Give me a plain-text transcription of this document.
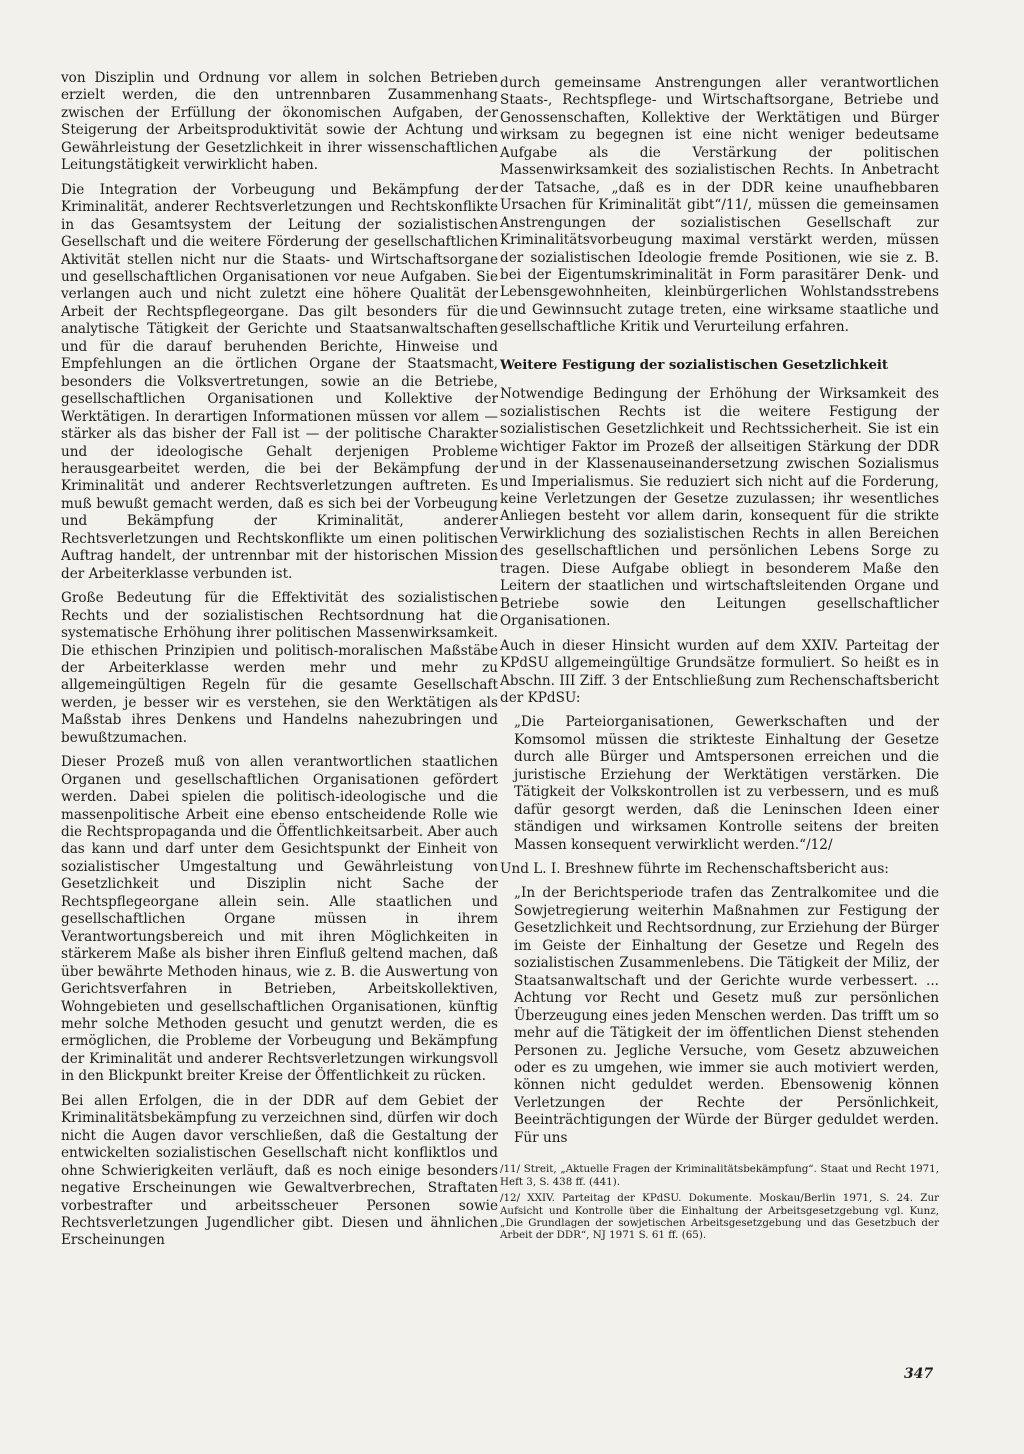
von Disziplin und Ordnung vor allem in solchen Betrieben erzielt werden, die den untrennbaren Zusammenhang zwischen der Erfüllung der ökonomischen Aufgaben, der Steigerung der Arbeitsproduktivität sowie der Achtung und Gewährleistung der Gesetzlichkeit in ihrer wissenschaftlichen Leitungstätigkeit verwirklicht haben.

Die Integration der Vorbeugung und Bekämpfung der Kriminalität, anderer Rechtsverletzungen und Rechtskonflikte in das Gesamtsystem der Leitung der sozialistischen Gesellschaft und die weitere Förderung der gesellschaftlichen Aktivität stellen nicht nur die Staats- und Wirtschaftsorgane und gesellschaftlichen Organisationen vor neue Aufgaben. Sie verlangen auch und nicht zuletzt eine höhere Qualität der Arbeit der Rechtspflegeorgane. Das gilt besonders für die analytische Tätigkeit der Gerichte und Staatsanwaltschaften und für die darauf beruhenden Berichte, Hinweise und Empfehlungen an die örtlichen Organe der Staatsmacht, besonders die Volksvertretungen, sowie an die Betriebe, gesellschaftlichen Organisationen und Kollektive der Werktätigen. In derartigen Informationen müssen vor allem — stärker als das bisher der Fall ist — der politische Charakter und der ideologische Gehalt derjenigen Probleme herausgearbeitet werden, die bei der Bekämpfung der Kriminalität und anderer Rechtsverletzungen auftreten. Es muß bewußt gemacht werden, daß es sich bei der Vorbeugung und Bekämpfung der Kriminalität, anderer Rechtsverletzungen und Rechtskonflikte um einen politischen Auftrag handelt, der untrennbar mit der historischen Mission der Arbeiterklasse verbunden ist.

Große Bedeutung für die Effektivität des sozialistischen Rechts und der sozialistischen Rechtsordnung hat die systematische Erhöhung ihrer politischen Massenwirksamkeit. Die ethischen Prinzipien und politisch-moralischen Maßstäbe der Arbeiterklasse werden mehr und mehr zu allgemeingültigen Regeln für die gesamte Gesellschaft werden, je besser wir es verstehen, sie den Werktätigen als Maßstab ihres Denkens und Handelns nahezubringen und bewußtzumachen.

Dieser Prozeß muß von allen verantwortlichen staatlichen Organen und gesellschaftlichen Organisationen gefördert werden. Dabei spielen die politisch-ideologische und die massenpolitische Arbeit eine ebenso entscheidende Rolle wie die Rechtspropaganda und die Öffentlichkeitsarbeit. Aber auch das kann und darf unter dem Gesichtspunkt der Einheit von sozialistischer Umgestaltung und Gewährleistung von Gesetzlichkeit und Disziplin nicht Sache der Rechtspflegeorgane allein sein. Alle staatlichen und gesellschaftlichen Organe müssen in ihrem Verantwortungsbereich und mit ihren Möglichkeiten in stärkerem Maße als bisher ihren Einfluß geltend machen, daß über bewährte Methoden hinaus, wie z. B. die Auswertung von Gerichtsverfahren in Betrieben, Arbeitskollektiven, Wohngebieten und gesellschaftlichen Organisationen, künftig mehr solche Methoden gesucht und genutzt werden, die es ermöglichen, die Probleme der Vorbeugung und Bekämpfung der Kriminalität und anderer Rechtsverletzungen wirkungsvoll in den Blickpunkt breiter Kreise der Öffentlichkeit zu rücken.

Bei allen Erfolgen, die in der DDR auf dem Gebiet der Kriminalitätsbekämpfung zu verzeichnen sind, dürfen wir doch nicht die Augen davor verschließen, daß die Gestaltung der entwickelten sozialistischen Gesellschaft nicht konfliktlos und ohne Schwierigkeiten verläuft, daß es noch einige besonders negative Erscheinungen wie Gewaltverbrechen, Straftaten vorbestrafter und arbeitsscheuer Personen sowie Rechtsverletzungen Jugendlicher gibt. Diesen und ähnlichen Erscheinungen

durch gemeinsame Anstrengungen aller verantwortlichen Staats-, Rechtspflege- und Wirtschaftsorgane, Betriebe und Genossenschaften, Kollektive der Werktätigen und Bürger wirksam zu begegnen ist eine nicht weniger bedeutsame Aufgabe als die Verstärkung der politischen Massenwirksamkeit des sozialistischen Rechts. In Anbetracht der Tatsache, „daß es in der DDR keine unaufhebbaren Ursachen für Kriminalität gibt“/11/, müssen die gemeinsamen Anstrengungen der sozialistischen Gesellschaft zur Kriminalitätsvorbeugung maximal verstärkt werden, müssen der sozialistischen Ideologie fremde Positionen, wie sie z. B. bei der Eigentumskriminalität in Form parasitärer Denk- und Lebensgewohnheiten, kleinbürgerlichen Wohlstandsstrebens und Gewinnsucht zutage treten, eine wirksame staatliche und gesellschaftliche Kritik und Verurteilung erfahren.

Weitere Festigung der sozialistischen Gesetzlichkeit

Notwendige Bedingung der Erhöhung der Wirksamkeit des sozialistischen Rechts ist die weitere Festigung der sozialistischen Gesetzlichkeit und Rechtssicherheit. Sie ist ein wichtiger Faktor im Prozeß der allseitigen Stärkung der DDR und in der Klassenauseinandersetzung zwischen Sozialismus und Imperialismus. Sie reduziert sich nicht auf die Forderung, keine Verletzungen der Gesetze zuzulassen; ihr wesentliches Anliegen besteht vor allem darin, konsequent für die strikte Verwirklichung des sozialistischen Rechts in allen Bereichen des gesellschaftlichen und persönlichen Lebens Sorge zu tragen. Diese Aufgabe obliegt in besonderem Maße den Leitern der staatlichen und wirtschaftsleitenden Organe und Betriebe sowie den Leitungen gesellschaftlicher Organisationen.

Auch in dieser Hinsicht wurden auf dem XXIV. Parteitag der KPdSU allgemeingültige Grundsätze formuliert. So heißt es in Abschn. III Ziff. 3 der Entschließung zum Rechenschaftsbericht der KPdSU:

„Die Parteiorganisationen, Gewerkschaften und der Komsomol müssen die strikteste Einhaltung der Gesetze durch alle Bürger und Amtspersonen erreichen und die juristische Erziehung der Werktätigen verstärken. Die Tätigkeit der Volkskontrollen ist zu verbessern, und es muß dafür gesorgt werden, daß die Leninschen Ideen einer ständigen und wirksamen Kontrolle seitens der breiten Massen konsequent verwirklicht werden.“/12/

Und L. I. Breshnew führte im Rechenschaftsbericht aus:

„In der Berichtsperiode trafen das Zentralkomitee und die Sowjetregierung weiterhin Maßnahmen zur Festigung der Gesetzlichkeit und Rechtsordnung, zur Erziehung der Bürger im Geiste der Einhaltung der Gesetze und Regeln des sozialistischen Zusammenlebens. Die Tätigkeit der Miliz, der Staatsanwaltschaft und der Gerichte wurde verbessert. ... Achtung vor Recht und Gesetz muß zur persönlichen Überzeugung eines jeden Menschen werden. Das trifft um so mehr auf die Tätigkeit der im öffentlichen Dienst stehenden Personen zu. Jegliche Versuche, vom Gesetz abzuweichen oder es zu umgehen, wie immer sie auch motiviert werden, können nicht geduldet werden. Ebensowenig können Verletzungen der Rechte der Persönlichkeit, Beeinträchtigungen der Würde der Bürger geduldet werden. Für uns

/11/ Streit, „Aktuelle Fragen der Kriminalitätsbekämpfung“. Staat und Recht 1971, Heft 3, S. 438 ff. (441).

/12/ XXIV. Parteitag der KPdSU. Dokumente. Moskau/Berlin 1971, S. 24. Zur Aufsicht und Kontrolle über die Einhaltung der Arbeitsgesetzgebung vgl. Kunz, „Die Grundlagen der sowjetischen Arbeitsgesetzgebung und das Gesetzbuch der Arbeit der DDR“, NJ 1971 S. 61 ff. (65).

347
